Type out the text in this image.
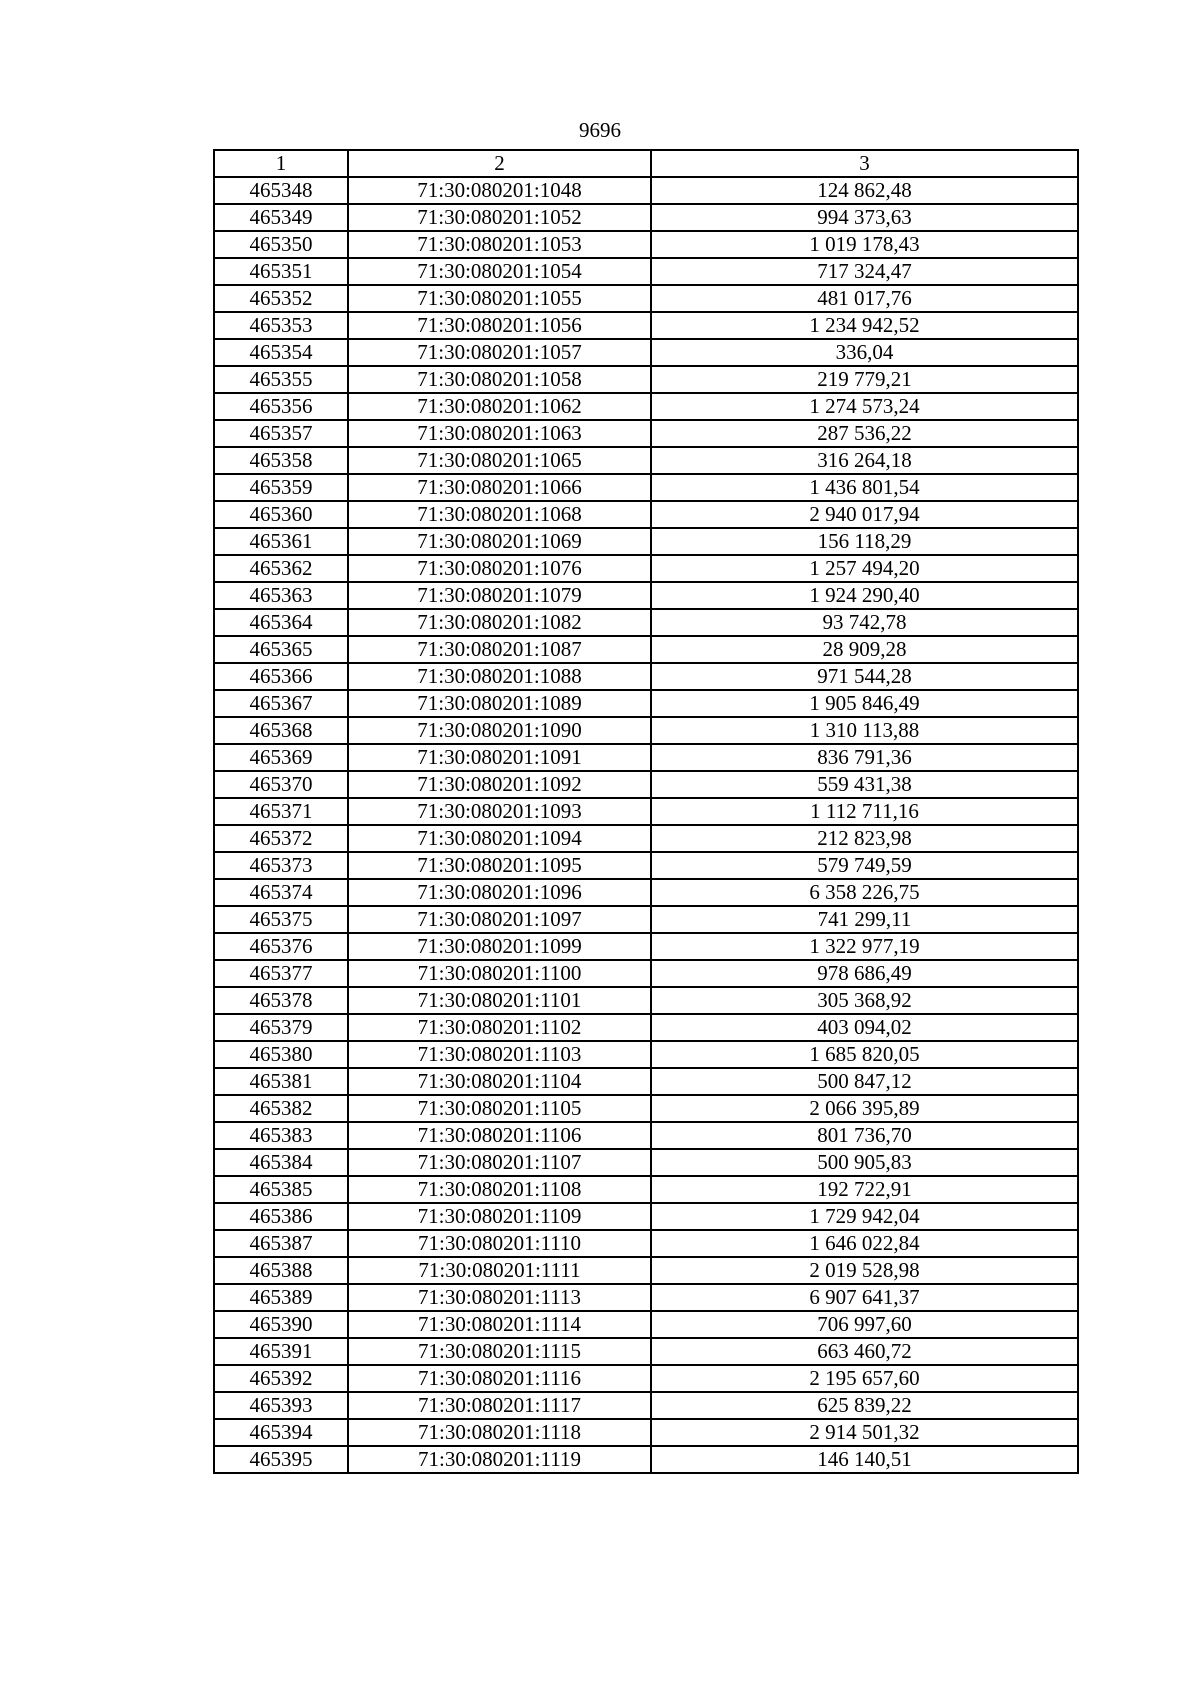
9696
1	2	3
465348	71:30:080201:1048	124 862,48
465349	71:30:080201:1052	994 373,63
465350	71:30:080201:1053	1 019 178,43
465351	71:30:080201:1054	717 324,47
465352	71:30:080201:1055	481 017,76
465353	71:30:080201:1056	1 234 942,52
465354	71:30:080201:1057	336,04
465355	71:30:080201:1058	219 779,21
465356	71:30:080201:1062	1 274 573,24
465357	71:30:080201:1063	287 536,22
465358	71:30:080201:1065	316 264,18
465359	71:30:080201:1066	1 436 801,54
465360	71:30:080201:1068	2 940 017,94
465361	71:30:080201:1069	156 118,29
465362	71:30:080201:1076	1 257 494,20
465363	71:30:080201:1079	1 924 290,40
465364	71:30:080201:1082	93 742,78
465365	71:30:080201:1087	28 909,28
465366	71:30:080201:1088	971 544,28
465367	71:30:080201:1089	1 905 846,49
465368	71:30:080201:1090	1 310 113,88
465369	71:30:080201:1091	836 791,36
465370	71:30:080201:1092	559 431,38
465371	71:30:080201:1093	1 112 711,16
465372	71:30:080201:1094	212 823,98
465373	71:30:080201:1095	579 749,59
465374	71:30:080201:1096	6 358 226,75
465375	71:30:080201:1097	741 299,11
465376	71:30:080201:1099	1 322 977,19
465377	71:30:080201:1100	978 686,49
465378	71:30:080201:1101	305 368,92
465379	71:30:080201:1102	403 094,02
465380	71:30:080201:1103	1 685 820,05
465381	71:30:080201:1104	500 847,12
465382	71:30:080201:1105	2 066 395,89
465383	71:30:080201:1106	801 736,70
465384	71:30:080201:1107	500 905,83
465385	71:30:080201:1108	192 722,91
465386	71:30:080201:1109	1 729 942,04
465387	71:30:080201:1110	1 646 022,84
465388	71:30:080201:1111	2 019 528,98
465389	71:30:080201:1113	6 907 641,37
465390	71:30:080201:1114	706 997,60
465391	71:30:080201:1115	663 460,72
465392	71:30:080201:1116	2 195 657,60
465393	71:30:080201:1117	625 839,22
465394	71:30:080201:1118	2 914 501,32
465395	71:30:080201:1119	146 140,51
